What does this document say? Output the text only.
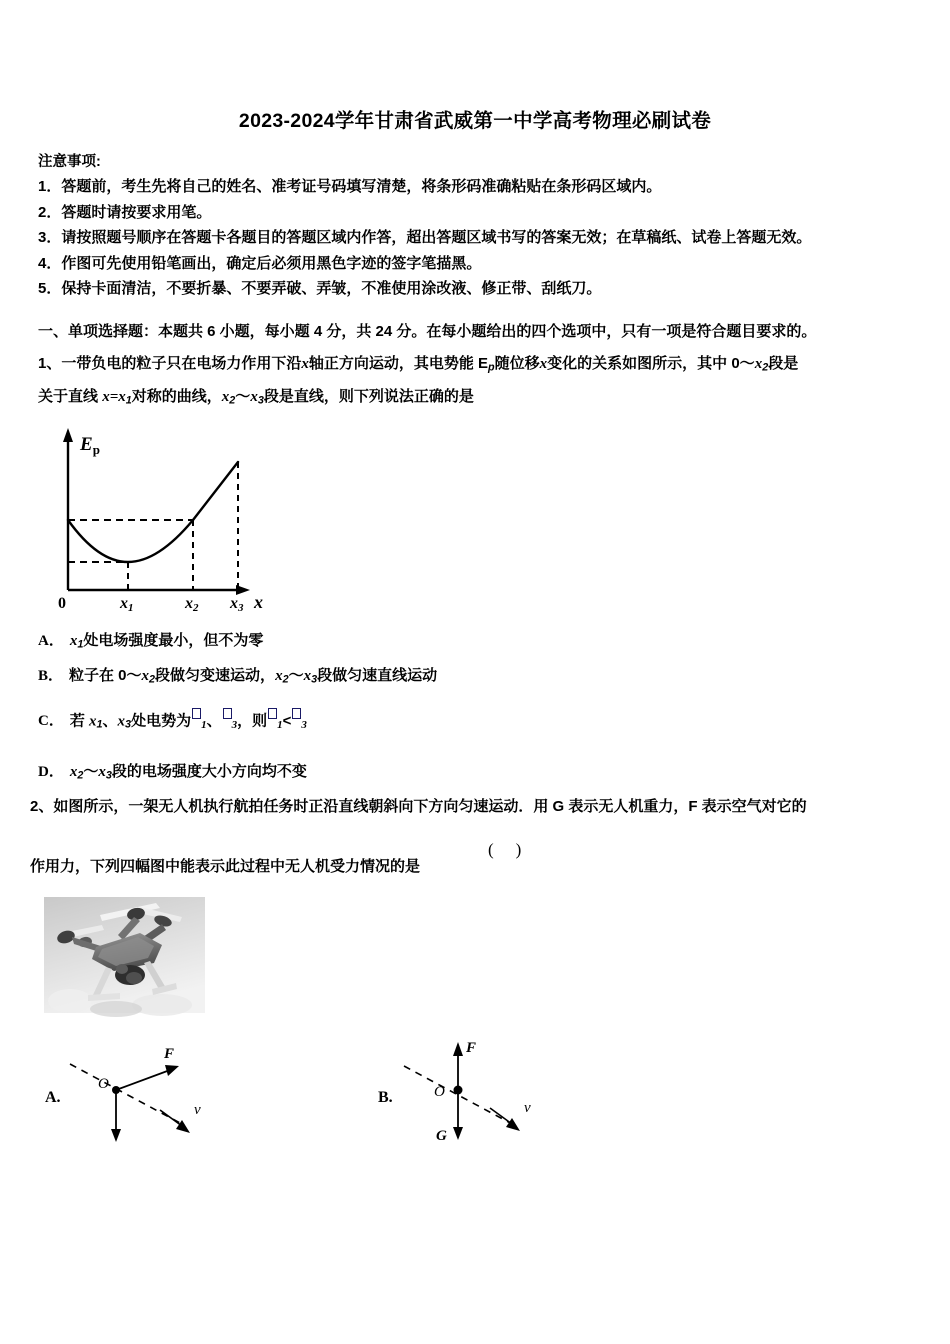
2023-2024学年甘肃省武威第一中学高考物理必刷试卷
注意事项:
1．答题前，考生先将自己的姓名、准考证号码填写清楚，将条形码准确粘贴在条形码区域内。
2．答题时请按要求用笔。
3．请按照题号顺序在答题卡各题目的答题区域内作答，超出答题区域书写的答案无效；在草稿纸、试卷上答题无效。
4．作图可先使用铅笔画出，确定后必须用黑色字迹的签字笔描黑。
5．保持卡面清洁，不要折暴、不要弄破、弄皱，不准使用涂改液、修正带、刮纸刀。
一、单项选择题：本题共 6 小题，每小题 4 分，共 24 分。在每小题给出的四个选项中，只有一项是符合题目要求的。
1、一带负电的粒子只在电场力作用下沿x轴正方向运动，其电势能 $E_p$随位移x变化的关系如图所示，其中 $0\sim x_2$段是
关于直线 $x=x_1$对称的曲线，$x_2\sim x_3$段是直线，则下列说法正确的是
$E_p$
0	x1	x2 x3 x
A． $x_1$处电场强度最小，但不为零
B． 粒子在 $0\sim x_2$段做匀变速运动，$x_2\sim x_3$段做匀速直线运动
C． 若 $x_1$、$x_3$处电势为 1、 3，则 1< 3
D． $x_2\sim x_3$段的电场强度大小方向均不变
2、如图所示，一架无人机执行航拍任务时正沿直线朝斜向下方向匀速运动．用 G 表示无人机重力，F 表示空气对它的
作用力，下列四幅图中能表示此过程中无人机受力情况的是
()
A.
O
F
v
B.	O
F
G
v
